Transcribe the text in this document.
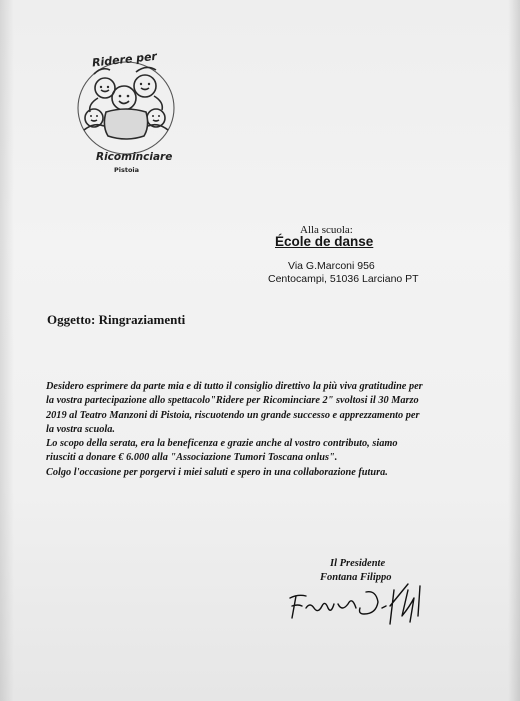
Ridere per
Ricominciare
Pistoia
Alla scuola:
École de danse
Via G.Marconi 956
Centocampi, 51036 Larciano PT
Oggetto: Ringraziamenti

Desidero esprimere da parte mia e di tutto il consiglio direttivo la più viva gratitudine per

la vostra partecipazione allo spettacolo"Ridere per Ricominciare 2" svoltosi il 30 Marzo

2019 al Teatro Manzoni di Pistoia, riscuotendo un grande successo e apprezzamento per

la vostra scuola.

Lo scopo della serata, era la beneficenza e grazie anche al vostro contributo, siamo

riusciti a donare € 6.000 alla "Associazione Tumori Toscana onlus".

Colgo l'occasione per porgervi i miei saluti e spero in una collaborazione futura.

Il Presidente
Fontana Filippo
